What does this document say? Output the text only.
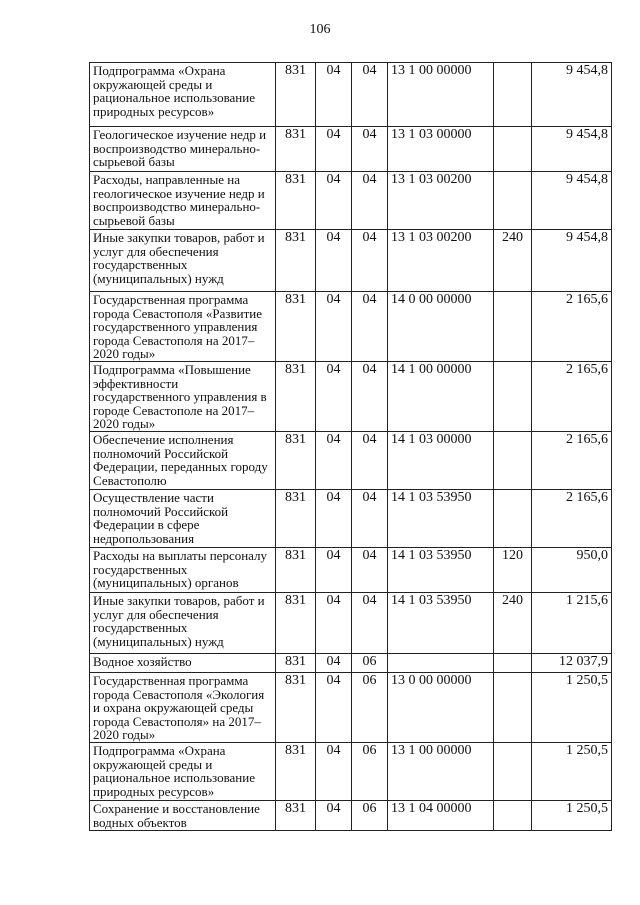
106
Подпрограмма «Охрана окружающей среды и рациональное использование природных ресурсов»	831	04	04	13 1 00 00000		9 454,8
Геологическое изучение недр и воспроизводство минерально-сырьевой базы	831	04	04	13 1 03 00000		9 454,8
Расходы, направленные на геологическое изучение недр и воспроизводство минерально-сырьевой базы	831	04	04	13 1 03 00200		9 454,8
Иные закупки товаров, работ и услуг для обеспечения государственных (муниципальных) нужд	831	04	04	13 1 03 00200	240	9 454,8
Государственная программа города Севастополя «Развитие государственного управления города Севастополя на 2017–2020 годы»	831	04	04	14 0 00 00000		2 165,6
Подпрограмма «Повышение эффективности государственного управления в городе Севастополе на 2017–2020 годы»	831	04	04	14 1 00 00000		2 165,6
Обеспечение исполнения полномочий Российской Федерации, переданных городу Севастополю	831	04	04	14 1 03 00000		2 165,6
Осуществление части полномочий Российской Федерации в сфере недропользования	831	04	04	14 1 03 53950		2 165,6
Расходы на выплаты персоналу государственных (муниципальных) органов	831	04	04	14 1 03 53950	120	950,0
Иные закупки товаров, работ и услуг для обеспечения государственных (муниципальных) нужд	831	04	04	14 1 03 53950	240	1 215,6
Водное хозяйство	831	04	06			12 037,9
Государственная программа города Севастополя «Экология и охрана окружающей среды города Севастополя» на 2017–2020 годы»	831	04	06	13 0 00 00000		1 250,5
Подпрограмма «Охрана окружающей среды и рациональное использование природных ресурсов»	831	04	06	13 1 00 00000		1 250,5
Сохранение и восстановление водных объектов	831	04	06	13 1 04 00000		1 250,5
